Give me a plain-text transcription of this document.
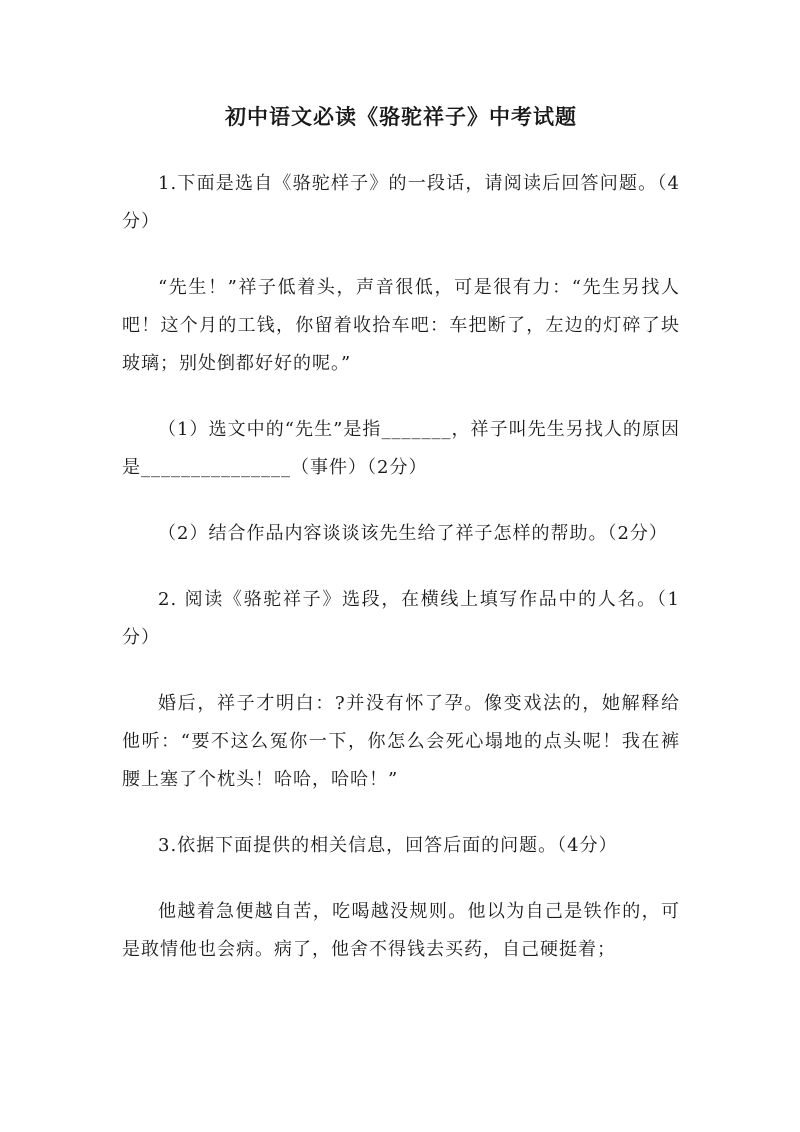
初中语文必读《骆驼祥子》中考试题

1.下面是选自《骆驼样子》的一段话，请阅读后回答问题。（4分）

“先生！”祥子低着头，声音很低，可是很有力：“先生另找人吧！这个月的工钱，你留着收拾车吧：车把断了，左边的灯碎了块玻璃；别处倒都好好的呢。”

（1）选文中的“先生”是指_______，祥子叫先生另找人的原因是_______________（事件）（2分）

（2）结合作品内容谈谈该先生给了祥子怎样的帮助。（2分）

2. 阅读《骆驼祥子》选段，在横线上填写作品中的人名。（1分）

婚后，祥子才明白：?并没有怀了孕。像变戏法的，她解释给他听：“要不这么冤你一下，你怎么会死心塌地的点头呢！我在裤腰上塞了个枕头！哈哈，哈哈！”

3.依据下面提供的相关信息，回答后面的问题。（4分）

他越着急便越自苦，吃喝越没规则。他以为自己是铁作的，可是敢情他也会病。病了，他舍不得钱去买药，自己硬挺着；
